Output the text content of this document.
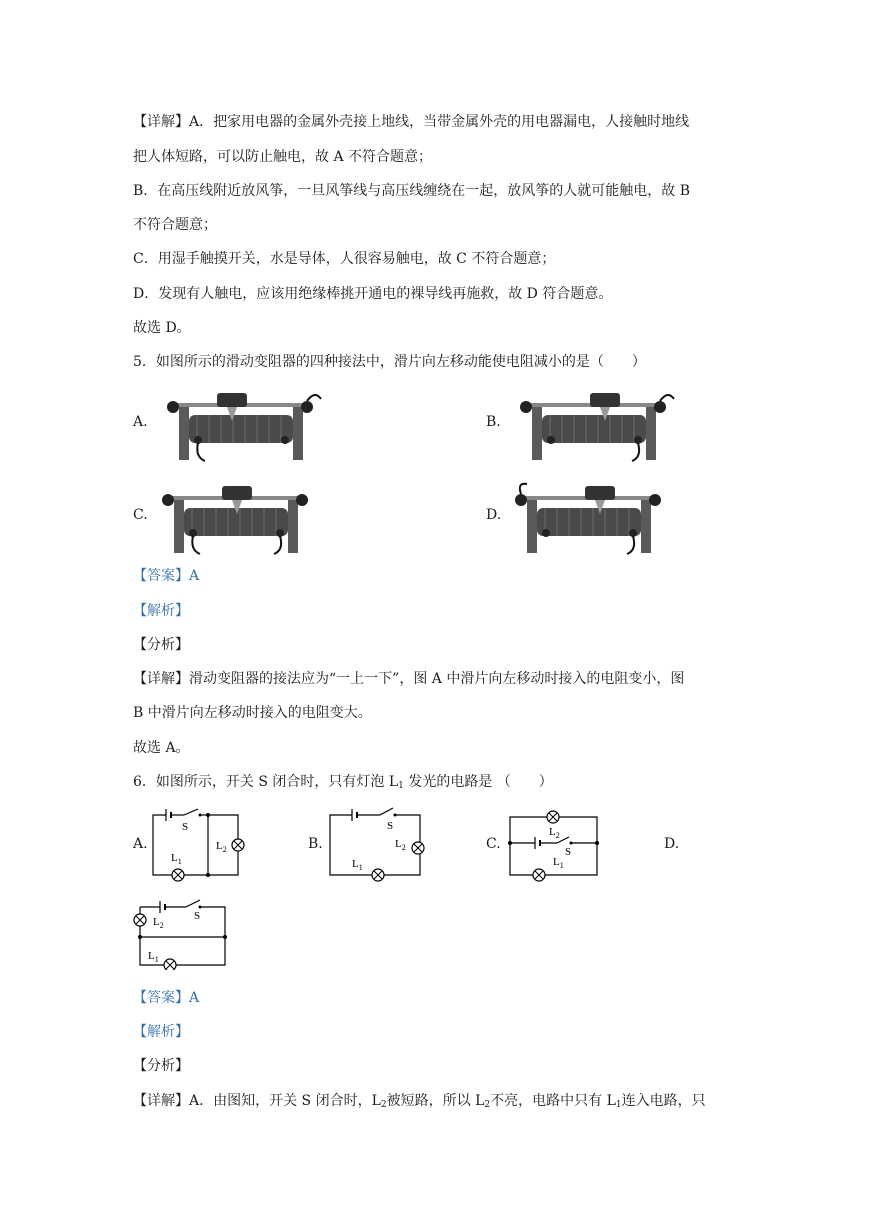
【详解】A．把家用电器的金属外壳接上地线，当带金属外壳的用电器漏电，人接触时地线
把人体短路，可以防止触电，故 A 不符合题意；
B．在高压线附近放风筝，一旦风筝线与高压线缠绕在一起，放风筝的人就可能触电，故 B
不符合题意；
C．用湿手触摸开关，水是导体，人很容易触电，故 C 不符合题意；
D．发现有人触电，应该用绝缘棒挑开通电的裸导线再施救，故 D 符合题意。
故选 D。
5．如图所示的滑动变阻器的四种接法中，滑片向左移动能使电阻减小的是（　　）
A.	B.
C.	D.
【答案】A
【解析】
【分析】
【详解】滑动变阻器的接法应为“一上一下”，图 A 中滑片向左移动时接入的电阻变小，图
B 中滑片向左移动时接入的电阻变大。
故选 A。
6．如图所示，开关 S 闭合时，只有灯泡 $L_1$ 发光的电路是 （　　）
A.	B.	C.	D.
S
$L_2$
$L_1$
S
$L_2$
$L_1$
$L_2$
S
$L_1$
S
$L_2$
$L_1$
【答案】A
【解析】
【分析】
【详解】A．由图知，开关 S 闭合时，$L_2$被短路，所以 $L_2$不亮，电路中只有 $L_1$连入电路，只
